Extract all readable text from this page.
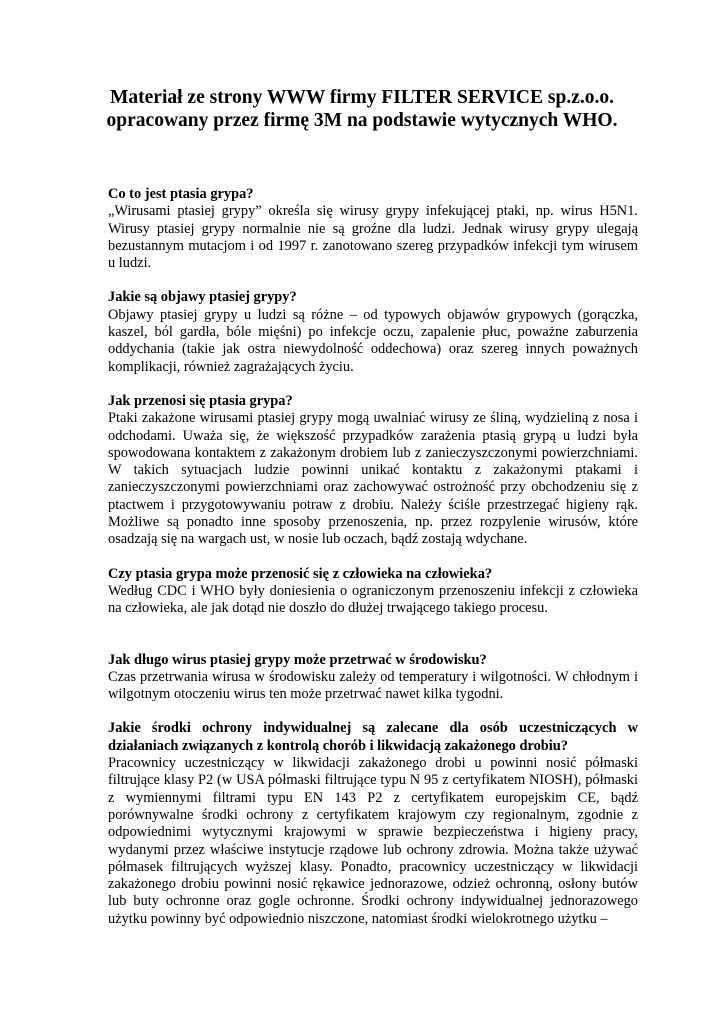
Materiał ze strony WWW firmy FILTER SERVICE sp.z.o.o.
opracowany przez firmę 3M na podstawie wytycznych WHO.
Co to jest ptasia grypa?
„Wirusami ptasiej grypy” określa się wirusy grypy infekującej ptaki, np. wirus H5N1. Wirusy ptasiej grypy normalnie nie są groźne dla ludzi. Jednak wirusy grypy ulegają bezustannym mutacjom i od 1997 r. zanotowano szereg przypadków infekcji tym wirusem u ludzi.
Jakie są objawy ptasiej grypy?
Objawy ptasiej grypy u ludzi są różne – od typowych objawów grypowych (gorączka, kaszel, ból gardła, bóle mięśni) po infekcje oczu, zapalenie płuc, poważne zaburzenia oddychania (takie jak ostra niewydolność oddechowa) oraz szereg innych poważnych komplikacji, również zagrażających życiu.
Jak przenosi się ptasia grypa?
Ptaki zakażone wirusami ptasiej grypy mogą uwalniać wirusy ze śliną, wydzieliną z nosa i odchodami. Uważa się, że większość przypadków zarażenia ptasią grypą u ludzi była spowodowana kontaktem z zakażonym drobiem lub z zanieczyszczonymi powierzchniami. W takich sytuacjach ludzie powinni unikać kontaktu z zakażonymi ptakami i zanieczyszczonymi powierzchniami oraz zachowywać ostrożność przy obchodzeniu się z ptactwem i przygotowywaniu potraw z drobiu. Należy ściśle przestrzegać higieny rąk. Możliwe są ponadto inne sposoby przenoszenia, np. przez rozpylenie wirusów, które osadzają się na wargach ust, w nosie lub oczach, bądź zostają wdychane.
Czy ptasia grypa może przenosić się z człowieka na człowieka?
Według CDC i WHO były doniesienia o ograniczonym przenoszeniu infekcji z człowieka na człowieka, ale jak dotąd nie doszło do dłużej trwającego takiego procesu.
Jak długo wirus ptasiej grypy może przetrwać w środowisku?
Czas przetrwania wirusa w środowisku zależy od temperatury i wilgotności. W chłodnym i wilgotnym otoczeniu wirus ten może przetrwać nawet kilka tygodni.
Jakie środki ochrony indywidualnej są zalecane dla osób uczestniczących w działaniach związanych z kontrolą chorób i likwidacją zakażonego drobiu?
Pracownicy uczestniczący w likwidacji zakażonego drobi u powinni nosić półmaski filtrujące klasy P2 (w USA półmaski filtrujące typu N 95 z certyfikatem NIOSH), półmaski z wymiennymi filtrami typu EN 143 P2 z certyfikatem europejskim CE, bądź porównywalne środki ochrony z certyfikatem krajowym czy regionalnym, zgodnie z odpowiednimi wytycznymi krajowymi w sprawie bezpieczeństwa i higieny pracy, wydanymi przez właściwe instytucje rządowe lub ochrony zdrowia. Można także używać półmasek filtrujących wyższej klasy. Ponadto, pracownicy uczestniczący w likwidacji zakażonego drobiu powinni nosić rękawice jednorazowe, odzież ochronną, osłony butów lub buty ochronne oraz gogle ochronne. Środki ochrony indywidualnej jednorazowego użytku powinny być odpowiednio niszczone, natomiast środki wielokrotnego użytku –
